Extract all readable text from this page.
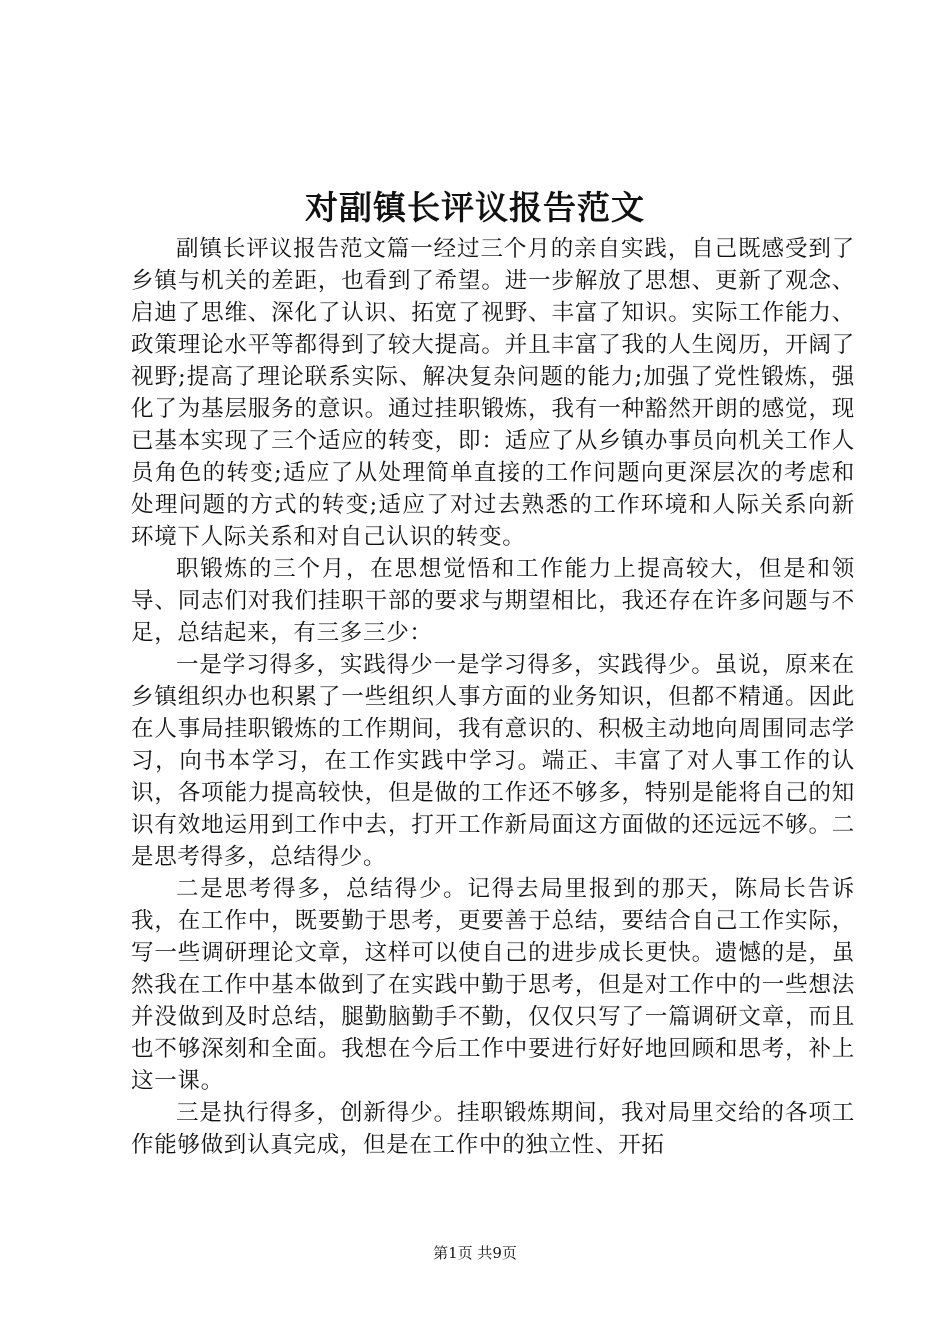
对副镇长评议报告范文

副镇长评议报告范文篇一经过三个月的亲自实践，自己既感受到了乡镇与机关的差距，也看到了希望。进一步解放了思想、更新了观念、启迪了思维、深化了认识、拓宽了视野、丰富了知识。实际工作能力、政策理论水平等都得到了较大提高。并且丰富了我的人生阅历，开阔了视野;提高了理论联系实际、解决复杂问题的能力;加强了党性锻炼，强化了为基层服务的意识。通过挂职锻炼，我有一种豁然开朗的感觉，现已基本实现了三个适应的转变，即：适应了从乡镇办事员向机关工作人员角色的转变;适应了从处理简单直接的工作问题向更深层次的考虑和处理问题的方式的转变;适应了对过去熟悉的工作环境和人际关系向新环境下人际关系和对自己认识的转变。

职锻炼的三个月，在思想觉悟和工作能力上提高较大，但是和领导、同志们对我们挂职干部的要求与期望相比，我还存在许多问题与不足，总结起来，有三多三少：

一是学习得多，实践得少一是学习得多，实践得少。虽说，原来在乡镇组织办也积累了一些组织人事方面的业务知识，但都不精通。因此在人事局挂职锻炼的工作期间，我有意识的、积极主动地向周围同志学习，向书本学习，在工作实践中学习。端正、丰富了对人事工作的认识，各项能力提高较快，但是做的工作还不够多，特别是能将自己的知识有效地运用到工作中去，打开工作新局面这方面做的还远远不够。二是思考得多，总结得少。

二是思考得多，总结得少。记得去局里报到的那天，陈局长告诉我，在工作中，既要勤于思考，更要善于总结，要结合自己工作实际，写一些调研理论文章，这样可以使自己的进步成长更快。遗憾的是，虽然我在工作中基本做到了在实践中勤于思考，但是对工作中的一些想法并没做到及时总结，腿勤脑勤手不勤，仅仅只写了一篇调研文章，而且也不够深刻和全面。我想在今后工作中要进行好好地回顾和思考，补上这一课。

三是执行得多，创新得少。挂职锻炼期间，我对局里交给的各项工作能够做到认真完成，但是在工作中的独立性、开拓

第1页 共9页
